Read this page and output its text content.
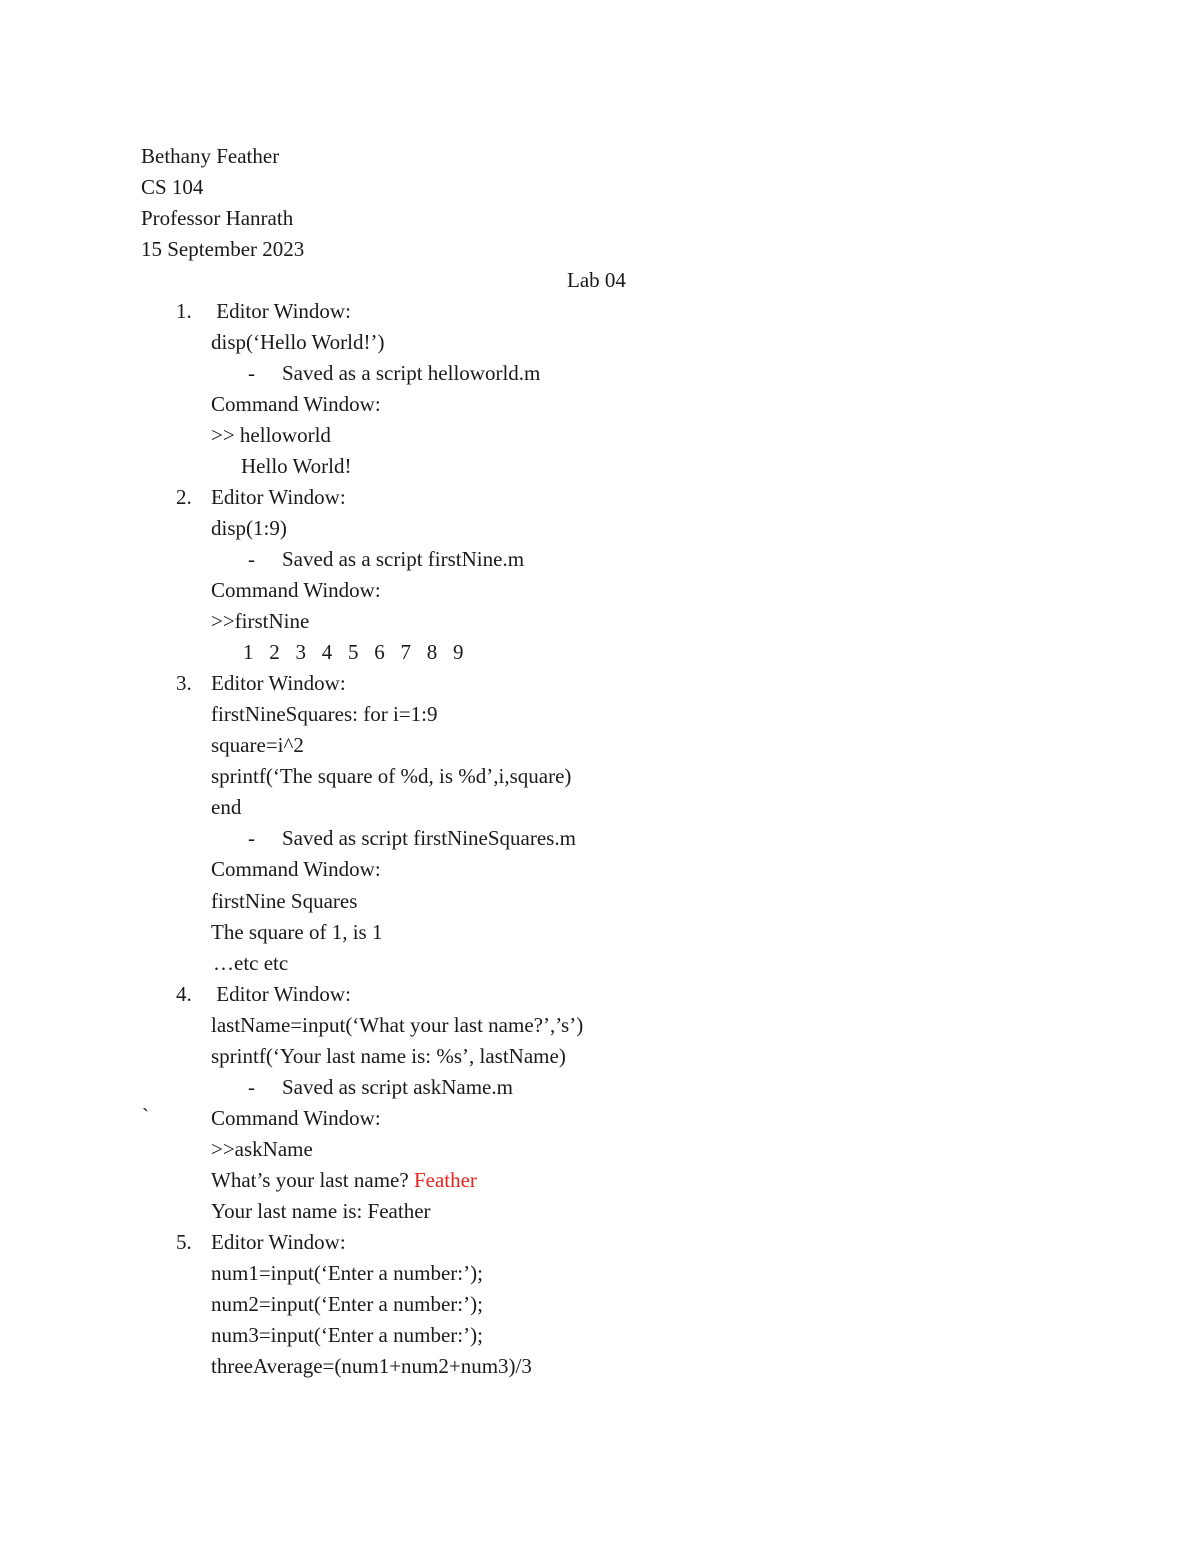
Bethany Feather
CS 104
Professor Hanrath
15 September 2023
Lab 04
1. Editor Window:
disp(‘Hello World!’)
- Saved as a script helloworld.m
Command Window:
>> helloworld
Hello World!
2. Editor Window:
disp(1:9)
- Saved as a script firstNine.m
Command Window:
>>firstNine
1   2   3   4   5   6   7   8   9
3. Editor Window:
firstNineSquares: for i=1:9
square=i^2
sprintf(‘The square of %d, is %d’,i,square)
end
- Saved as script firstNineSquares.m
Command Window:
firstNine Squares
The square of 1, is 1
…etc etc
4. Editor Window:
lastName=input(‘What your last name?’,’s’)
sprintf(‘Your last name is: %s’, lastName)
- Saved as script askName.m
`	Command Window:
>>askName
What’s your last name? Feather
Your last name is: Feather
5. Editor Window:
num1=input(‘Enter a number:’);
num2=input(‘Enter a number:’);
num3=input(‘Enter a number:’);
threeAverage=(num1+num2+num3)/3
